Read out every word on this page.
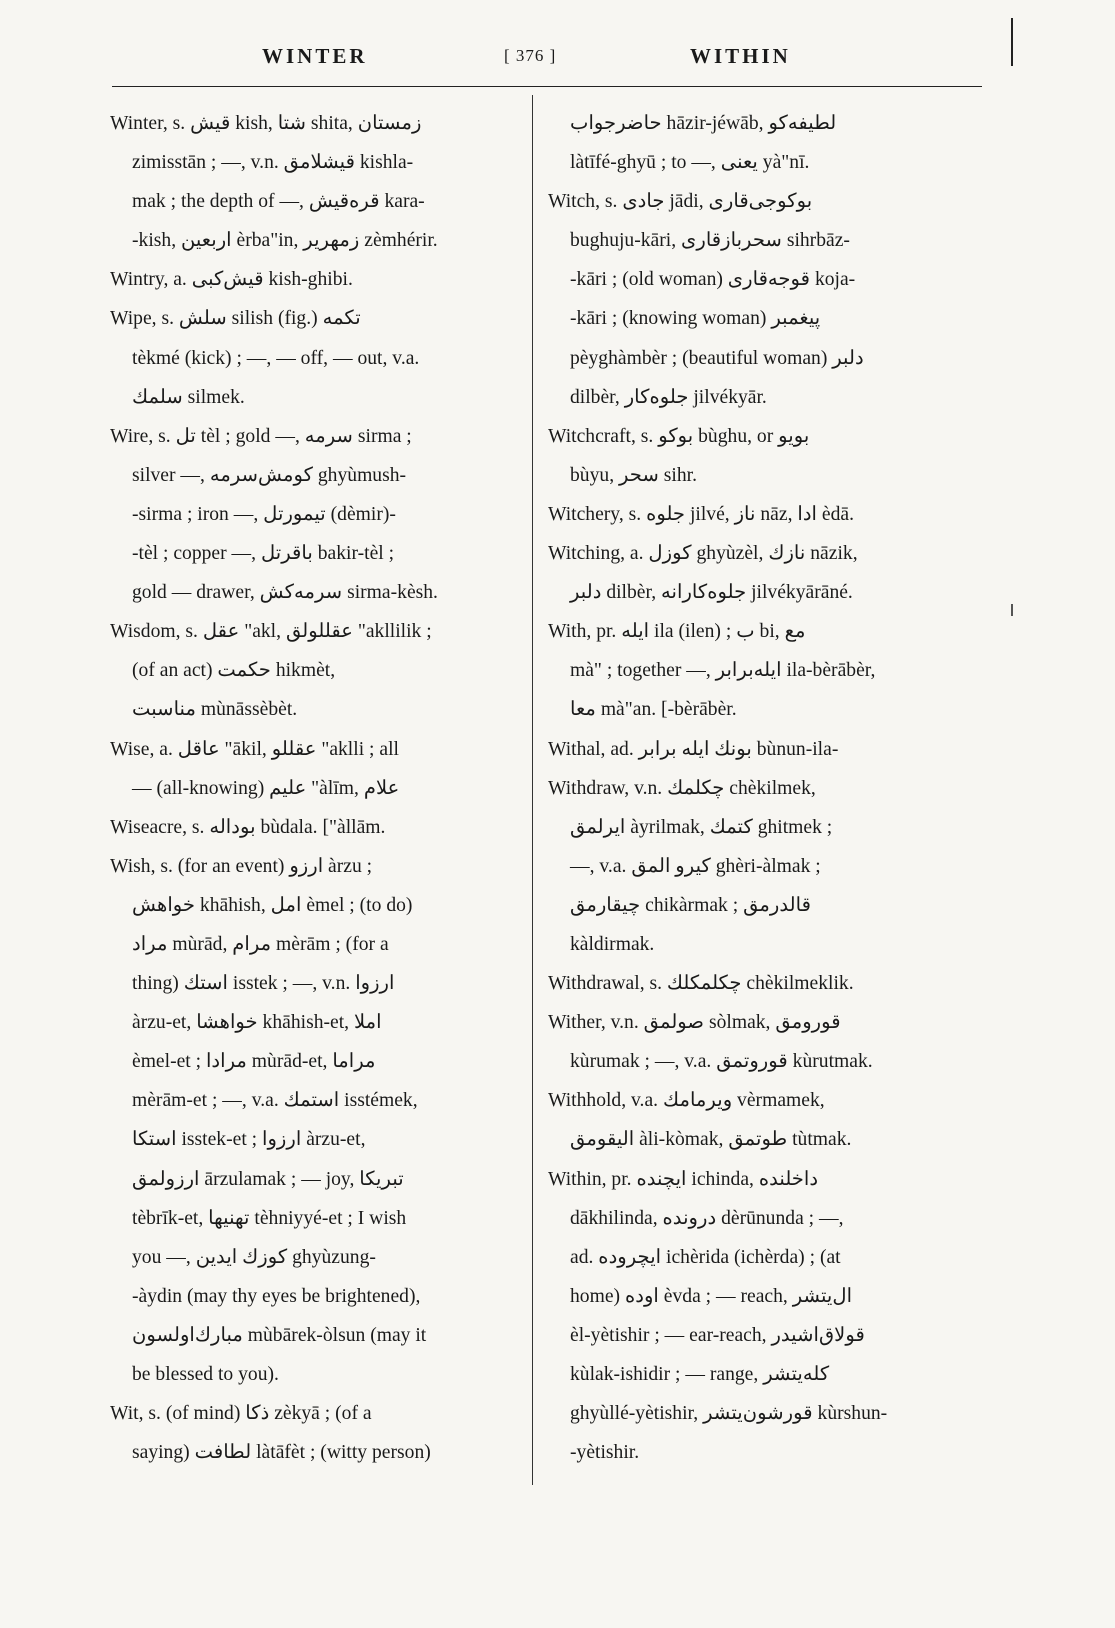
WINTER	[ 376 ]	WITHIN
Winter, s. قيش kish, شتا shita, زمستان
zimisstān ; —, v.n. قيشلامق kishla-
mak ; the depth of —, قره‌قيش kara-
-kish, اربعين èrba"in, زمهرير zèmhérir.
Wintry, a. قيش‌كبی kish-ghibi.
Wipe, s. سلش silish (fig.) تكمه
tèkmé (kick) ; —, — off, — out, v.a.
سلمك silmek.
Wire, s. تل tèl ; gold —, سرمه sirma ;
silver —, كومش‌سرمه ghyùmush-
-sirma ; iron —, تيمورتل (dèmir)-
-tèl ; copper —, باقرتل bakir-tèl ;
gold — drawer, سرمه‌كش sirma-kèsh.
Wisdom, s. عقل "akl, عقللولق "akllilik ;
(of an act) حكمت hikmèt,
مناسبت mùnāssèbèt.
Wise, a. عاقل "ākil, عقللو "aklli ; all
— (all-knowing) عليم "àlīm, علام
Wiseacre, s. بوداله bùdala. ["àllām.
Wish, s. (for an event) ارزو àrzu ;
خواهش khāhish, امل èmel ; (to do)
مراد mùrād, مرام mèrām ; (for a
thing) استك isstek ; —, v.n. ارزوا
àrzu-et, خواهشا khāhish-et, املا
èmel-et ; مرادا mùrād-et, مراما
mèrām-et ; —, v.a. استمك isstémek,
استكا isstek-et ; ارزوا àrzu-et,
ارزولمق ārzulamak ; — joy, تبريكا
tèbrīk-et, تهنيها tèhniyyé-et ; I wish
you —, كوزك ايدين ghyùzung-
-àydin (may thy eyes be brightened),
مبارك‌اولسون mùbārek-òlsun (may it
be blessed to you).
Wit, s. (of mind) ذكا zèkyā ; (of a
saying) لطافت làtāfèt ; (witty person)
حاضرجواب hāzir-jéwāb, لطيفه‌كو
làtīfé-ghyū ; to —, يعنی yà"nī.
Witch, s. جادی jādi, بوكوجی‌قاری
bughuju-kāri, سحربازقاری sihrbāz-
-kāri ; (old woman) قوجه‌قاری koja-
-kāri ; (knowing woman) پيغمبر
pèyghàmbèr ; (beautiful woman) دلبر
dilbèr, جلوه‌كار jilvékyār.
Witchcraft, s. بوكو bùghu, or بويو
bùyu, سحر sihr.
Witchery, s. جلوه jilvé, ناز nāz, ادا èdā.
Witching, a. كوزل ghyùzèl, نازك nāzik,
دلبر dilbèr, جلوه‌كارانه jilvékyārāné.
With, pr. ايله ila (ilen) ; ب bi, مع
mà" ; together —, ايله‌برابر ila-bèrābèr,
معا mà"an. [-bèrābèr.
Withal, ad. بونك ايله برابر bùnun-ila-
Withdraw, v.n. چكلمك chèkilmek,
ايرلمق àyrilmak, كتمك ghitmek ;
—, v.a. كيرو المق ghèri-àlmak ;
چيقارمق chikàrmak ; قالدرمق
kàldirmak.
Withdrawal, s. چكلمكلك chèkilmeklik.
Wither, v.n. صولمق sòlmak, قورومق
kùrumak ; —, v.a. قوروتمق kùrutmak.
Withhold, v.a. ويرمامك vèrmamek,
اليقومق àli-kòmak, طوتمق tùtmak.
Within, pr. ايچنده ichinda, داخلنده
dākhilinda, درونده dèrūnunda ; —,
ad. ايچروده ichèrida (ichèrda) ; (at
home) اوده èvda ; — reach, ال‌يتشر
èl-yètishir ; — ear-reach, قولاق‌اشيدر
kùlak-ishidir ; — range, كله‌يتشر
ghyùllé-yètishir, قورشون‌يتشر kùrshun-
-yètishir.
